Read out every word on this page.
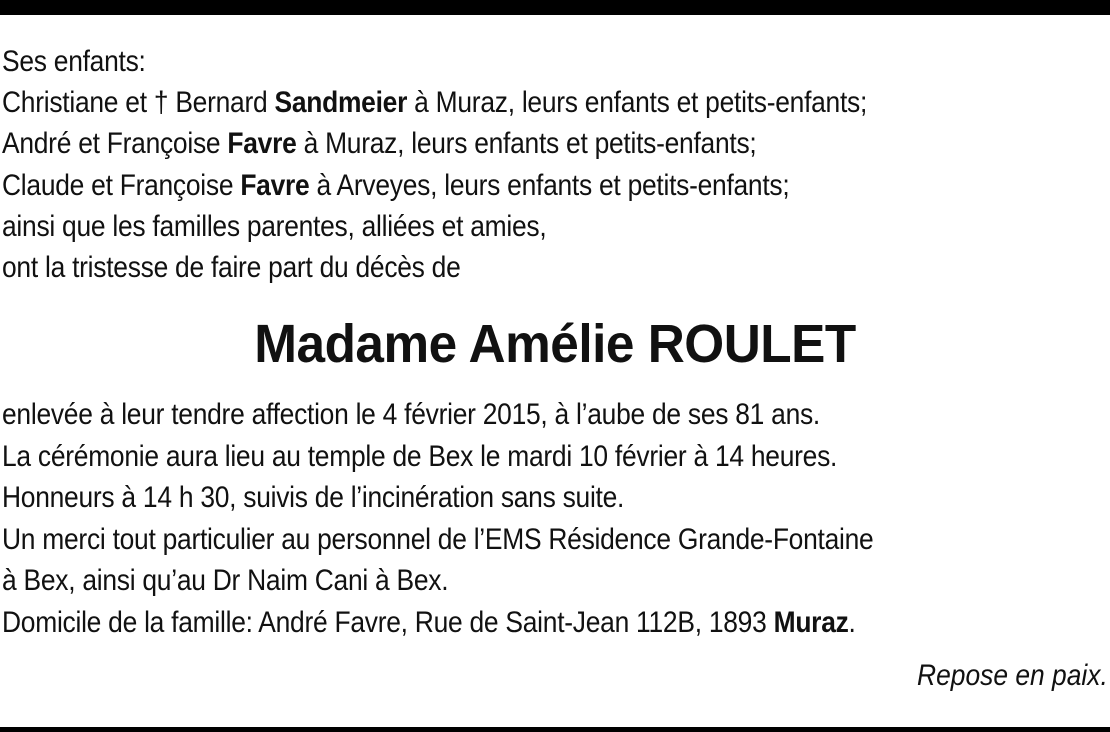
Ses enfants:
Christiane et † Bernard Sandmeier à Muraz, leurs enfants et petits-enfants;
André et Françoise Favre à Muraz, leurs enfants et petits-enfants;
Claude et Françoise Favre à Arveyes, leurs enfants et petits-enfants;
ainsi que les familles parentes, alliées et amies,
ont la tristesse de faire part du décès de
Madame Amélie ROULET
enlevée à leur tendre affection le 4 février 2015, à l’aube de ses 81 ans.
La cérémonie aura lieu au temple de Bex le mardi 10 février à 14 heures.
Honneurs à 14 h 30, suivis de l’incinération sans suite.
Un merci tout particulier au personnel de l’EMS Résidence Grande-Fontaine
à Bex, ainsi qu’au Dr Naim Cani à Bex.
Domicile de la famille: André Favre, Rue de Saint-Jean 112B, 1893 Muraz.
Repose en paix.
